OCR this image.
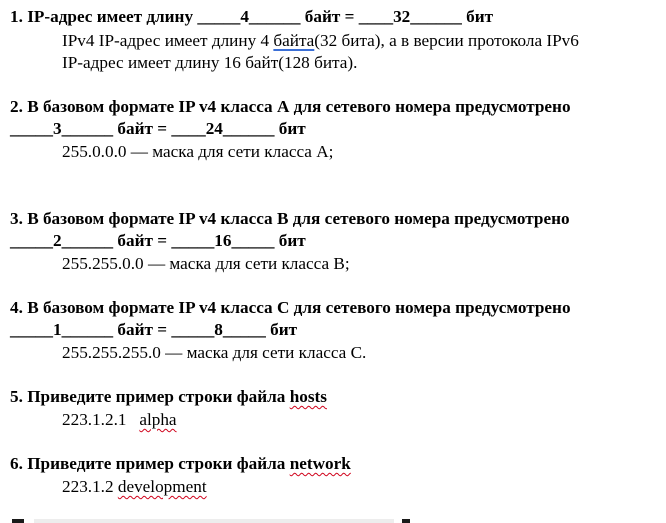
1. IP-адрес имеет длину _____4______ байт = ____32______ бит
IPv4 IP-адрес имеет длину 4 байта(32 бита), а в версии протокола IPv6
IP-адрес имеет длину 16 байт(128 бита).
2. В базовом формате IP v4 класса А для сетевого номера предусмотрено
_____3______ байт = ____24______ бит
255.0.0.0 — маска для сети класса А;
3. В базовом формате IP v4 класса В для сетевого номера предусмотрено
_____2______ байт = _____16_____ бит
255.255.0.0 — маска для сети класса В;
4. В базовом формате IP v4 класса С для сетевого номера предусмотрено
_____1______ байт = _____8_____ бит
255.255.255.0 — маска для сети класса С.
5. Приведите пример строки файла hosts
223.1.2.1   alpha
6. Приведите пример строки файла network
223.1.2 development
